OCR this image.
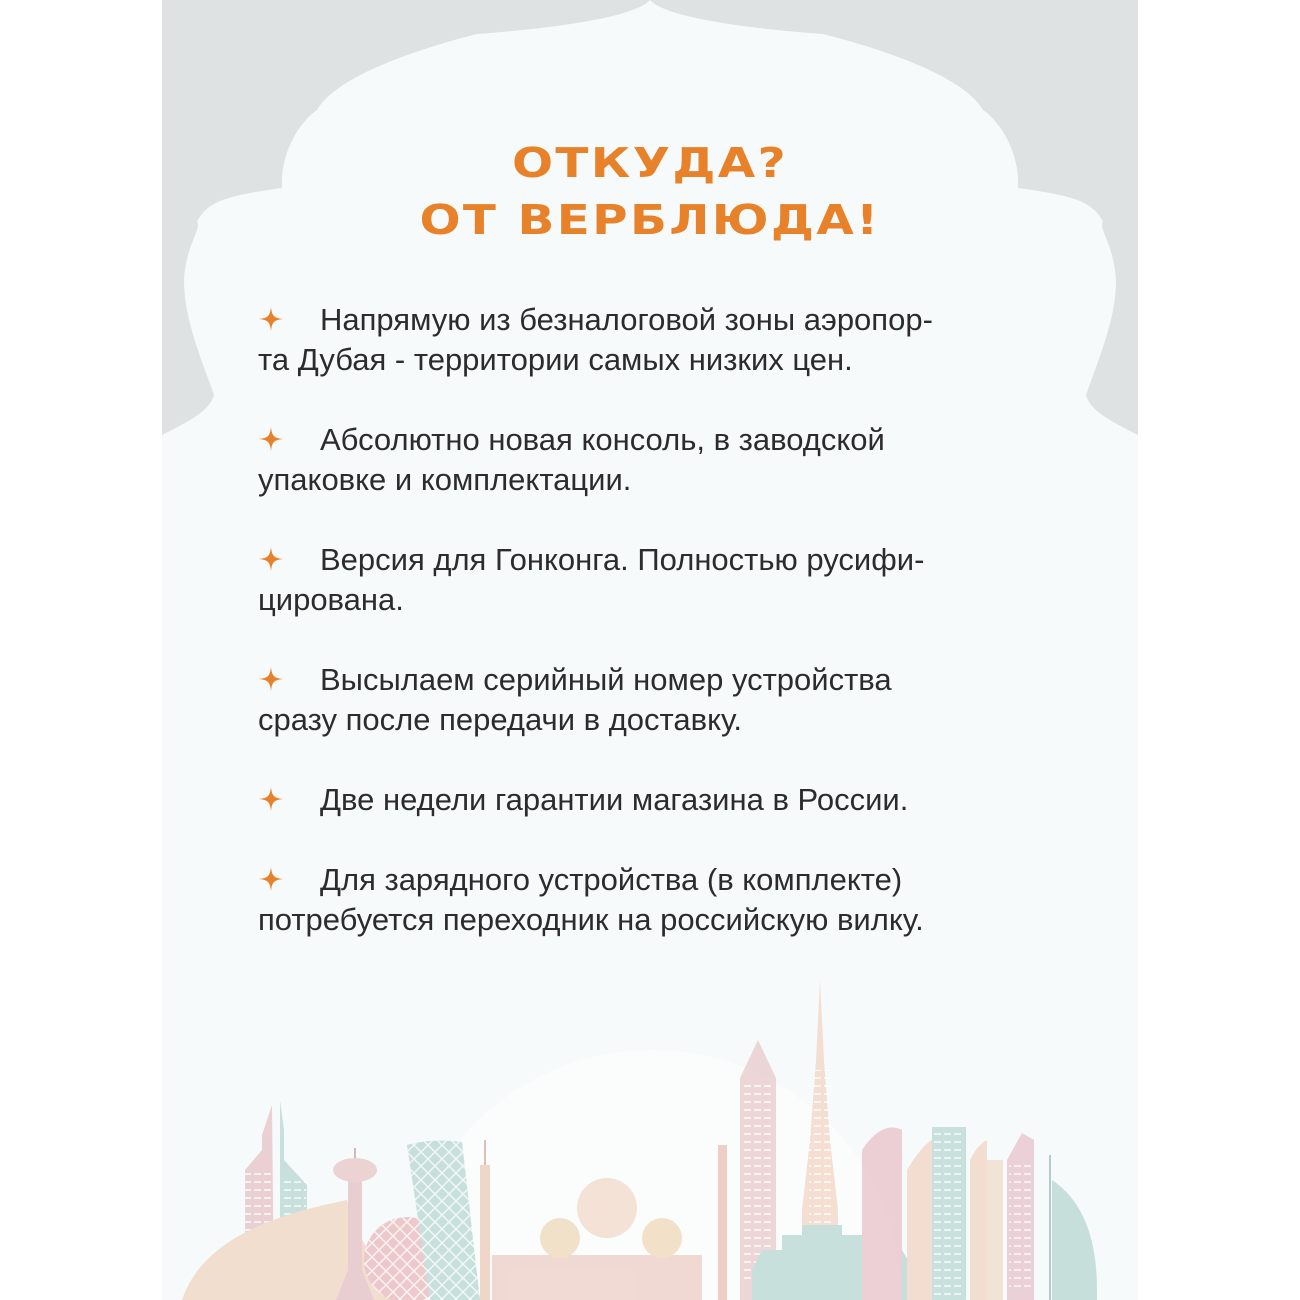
ОТКУДА?
ОТ ВЕРБЛЮДА!
Напрямую из безналоговой зоны аэропор-
та Дубая - территории самых низких цен.
Абсолютно новая консоль, в заводской
упаковке и комплектации.
Версия для Гонконга. Полностью русифи-
цирована.
Высылаем серийный номер устройства
сразу после передачи в доставку.
Две недели гарантии магазина в России.
Для зарядного устройства (в комплекте)
потребуется переходник на российскую вилку.
